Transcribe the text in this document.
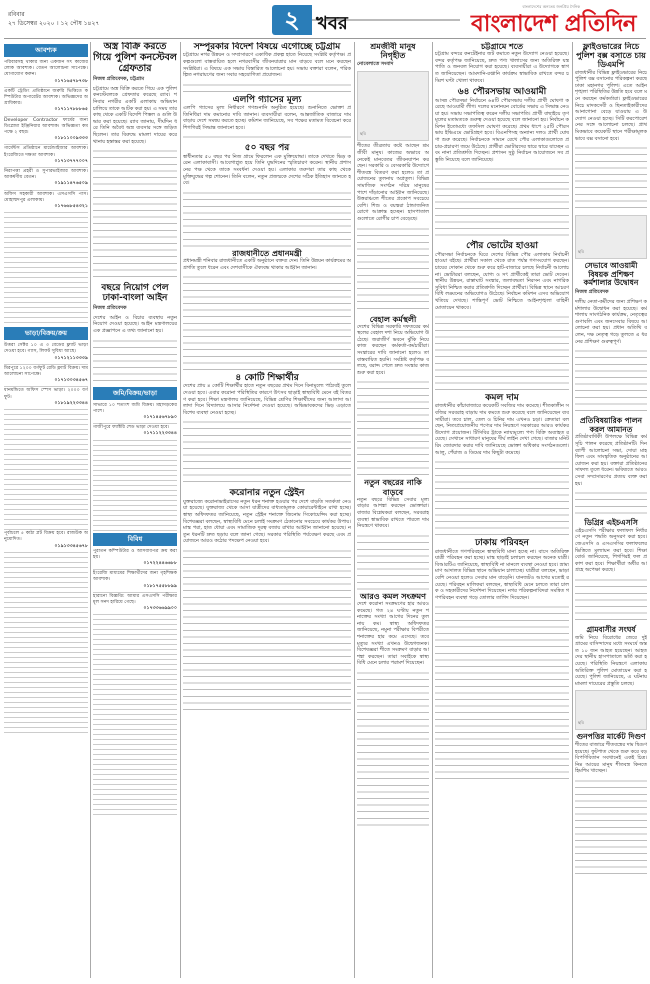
রবিবার
২৭ ডিসেম্বর ২০২০ । ১২ পৌষ ১৪২৭	২ খবর
বাংলাদেশের অন্যতম জনপ্রিয় দৈনিক
বাংলাদেশ প্রতিদিন
আবশ্যক
পরিবারসহ থাকার জন্য একজন সৎ কাজের লোক আবশ্যক। বেতন আলোচনা সাপেক্ষে। যোগাযোগ করুন।
০১৭১৬৫৭৮৭৩৮
একটি ট্রেডিং প্রতিষ্ঠানে জরুরি ভিত্তিতে কম্পিউটার অপারেটর আবশ্যক। অভিজ্ঞদের অগ্রাধিকার।
০১৭১১৭৮৮৮৬৫
Developer Contractor ফার্মের জন্য ডিপ্লোমা ইঞ্জিনিয়ার আবশ্যক। অভিজ্ঞতা কমপক্ষে ২ বছর।
০১৮১১০০৯৩৩৩
গার্মেন্টস প্রতিষ্ঠানে মার্চেন্ডাইজার আবশ্যক। ইংরেজিতে দক্ষতা আবশ্যক।
০১৭১৩৭৭৭০০৭
নিরাপত্তা প্রহরী ও সুপারভাইজার আবশ্যক। আকর্ষণীয় বেতন।
০১৯১১৪৭৬৫০৯
অফিস সহকারী আবশ্যক। এসএসসি পাস। মোহাম্মদপুর এলাকায়।
০১৭৬৬৮৫৪৩২১
ভাড়া/বিক্রয়/ক্রয়
উত্তরা সেক্টর ১০ এ ৩ বেডের ফ্ল্যাট ভাড়া দেওয়া হবে। গ্যাস, লিফট সুবিধা আছে।
০১৭১২১১৩৩৩৯
মিরপুরে ১২০০ বর্গফুট রেডি ফ্ল্যাট বিক্রয়। দাম আলোচনা সাপেক্ষে।
০১৭১৩০৩৪৫৬৭
ধানমন্ডিতে অফিস স্পেস ভাড়া। ২০০০ বর্গফুট।
০১৮১৯২২৩৩৪৪
পূর্বাচলে ৫ কাঠা প্লট বিক্রয় হবে। রাজউক অনুমোদিত।
০১৯১৩৩৪৫৬৭৮
অস্ত্র বিক্রি করতে গিয়ে পুলিশ কনস্টেবল গ্রেফতার
নিজস্ব প্রতিবেদক, চট্টগ্রাম
চট্টগ্রামে অস্ত্র বিক্রি করতে গিয়ে এক পুলিশ কনস্টেবলকে গ্রেফতার করেছে র‍্যাব। শনিবার নগরীর একটি এলাকায় অভিযান চালিয়ে তাকে আটক করা হয়। এ সময় তার কাছ থেকে একটি বিদেশি পিস্তল ও গুলি উদ্ধার করা হয়েছে। র‍্যাব জানায়, দীর্ঘদিন ধরে তিনি অবৈধ অস্ত্র ব্যবসার সঙ্গে জড়িত ছিলেন। তার বিরুদ্ধে মামলা দায়ের করে থানায় হস্তান্তর করা হয়েছে।
বছরে নিয়োগ পেল ঢাকা-বাংলা আইন
নিজস্ব প্রতিবেদক
দেশের আইন ও বিচার ব্যবস্থায় নতুন নিয়োগ দেওয়া হয়েছে। আইন মন্ত্রণালয়ের এক প্রজ্ঞাপনে এ তথ্য জানানো হয়।
জমি/বিক্রয়/ভাড়া
সাভারে ১০ শতাংশ জমি বিক্রয়। মহাসড়কের পাশে।
০১৭১৪৫৬৭৮৯০
গাজীপুরে ফ্যাক্টরি শেড ভাড়া দেওয়া হবে।
০১৭১১২২৩৩৪৪
বিবিধ
পুরাতন কম্পিউটার ও আসবাবপত্র ক্রয় করা হয়।
০১৭২২৪৪৬৬৮৮
ইংরেজি মাধ্যমের শিক্ষার্থীদের জন্য গৃহশিক্ষক আবশ্যক।
০১৮১৭৫৫৮৮৯৯
হারানো বিজ্ঞপ্তি: আমার এসএসসি পরীক্ষার মূল সনদ হারিয়ে গেছে।
০১৭৩৩৬৬৯৯০০
সম্পূরকার বিদেশ বিষয়ে এগোচ্ছে চট্টগ্রাম
চট্টগ্রামে নগর উন্নয়ন ও সম্প্রসারণে একাধিক প্রকল্প হাতে নিয়েছে সংশ্লিষ্ট কর্তৃপক্ষ। প্রকল্পগুলো বাস্তবায়িত হলে নগরবাসীর জীবনযাত্রার মান বাড়বে বলে মনে করছেন সংশ্লিষ্টরা। এ বিষয়ে এক সভায় বিস্তারিত আলোচনা হয়। সভায় বক্তারা বলেন, পরিকল্পিত নগরায়ণের জন্য সবার সহযোগিতা প্রয়োজন।
এলপি গ্যাসের মূল্য
এলপি গ্যাসের মূল্য নির্ধারণে গণশুনানি অনুষ্ঠিত হয়েছে। শুনানিতে ভোক্তা প্রতিনিধিরা দাম কমানোর দাবি জানান। ব্যবসায়ীরা বলেন, আন্তর্জাতিক বাজারে দাম বাড়ায় দেশে সমন্বয় করতে হচ্ছে। কমিশন জানিয়েছে, সব পক্ষের মতামত বিবেচনা করে শিগগিরই সিদ্ধান্ত জানানো হবে।
৫০ বছর পর
স্বাধীনতার ৫০ বছর পর নিজ গ্রামে ফিরলেন এক মুক্তিযোদ্ধা। তাকে দেখতে ভিড় করেন এলাকাবাসী। আবেগাপ্লুত হয়ে তিনি যুদ্ধদিনের স্মৃতিচারণ করেন। স্থানীয় প্রশাসনের পক্ষ থেকে তাকে সংবর্ধনা দেওয়া হয়। এলাকার তরুণরা তার কাছ থেকে মুক্তিযুদ্ধের গল্প শোনেন। তিনি বলেন, নতুন প্রজন্মকে দেশের সঠিক ইতিহাস জানতে হবে।
রাজধানীতে প্রধানমন্ত্রী
প্রধানমন্ত্রী শনিবার রাজধানীতে একটি অনুষ্ঠানে বক্তব্য দেন। তিনি উন্নয়ন কার্যক্রমের অগ্রগতি তুলে ধরেন এবং দেশবাসীকে ঐক্যবদ্ধ থাকার আহ্বান জানান।
৪ কোটি শিক্ষার্থীর
দেশের প্রায় ৪ কোটি শিক্ষার্থীর হাতে নতুন বছরের প্রথম দিনে বিনামূল্যে পাঠ্যবই তুলে দেওয়া হবে। এবার করোনা পরিস্থিতির কারণে উৎসব ছাড়াই স্বাস্থ্যবিধি মেনে বই বিতরণ করা হবে। শিক্ষা মন্ত্রণালয় জানিয়েছে, বিভিন্ন শ্রেণির শিক্ষার্থীদের জন্য আলাদা আলাদা দিনে বিদ্যালয়ে আসার নির্দেশনা দেওয়া হয়েছে। অভিভাবকদের ভিড় এড়াতে বিশেষ ব্যবস্থা নেওয়া হচ্ছে।
করোনার নতুন স্ট্রেইন
যুক্তরাজ্যে করোনাভাইরাসের নতুন ধরন শনাক্ত হওয়ার পর দেশে বাড়তি সতর্কতা নেওয়া হয়েছে। যুক্তরাজ্য থেকে আসা যাত্রীদের বাধ্যতামূলক কোয়ারেন্টাইনে রাখা হচ্ছে। স্বাস্থ্য অধিদফতর জানিয়েছে, নতুন স্ট্রেইন শনাক্তে জিনোম সিকোয়েন্সিং করা হচ্ছে। বিশেষজ্ঞরা বলছেন, স্বাস্থ্যবিধি মেনে চলাই সংক্রমণ ঠেকানোর সবচেয়ে কার্যকর উপায়। মাস্ক পরা, হাত ধোয়া এবং সামাজিক দূরত্ব বজায় রাখার আহ্বান জানানো হয়েছে। নতুন ধরনটি দ্রুত ছড়ায় বলে জানা গেছে। সরকার পরিস্থিতি পর্যবেক্ষণ করছে এবং প্রয়োজনে আরও কঠোর পদক্ষেপ নেওয়া হবে।
শ্রমজীবী মানুষ নিগৃহীত
নোবেলাতে সংবাদ
ছবি
শীতের তীব্রতায় কষ্টে আছেন শ্রমজীবী মানুষ। কাজের অভাবে অনেকেই মানবেতর জীবনযাপন করছেন। সরকারি ও বেসরকারি উদ্যোগে শীতবস্ত্র বিতরণ করা হলেও তা প্রয়োজনের তুলনায় অপ্রতুল। বিভিন্ন সামাজিক সংগঠন দরিদ্র মানুষের পাশে দাঁড়ানোর আহ্বান জানিয়েছে। উত্তরাঞ্চলে শীতের প্রকোপ সবচেয়ে বেশি। শিশু ও বয়স্করা ঠান্ডাজনিত রোগে আক্রান্ত হচ্ছেন। হাসপাতালগুলোতে রোগীর চাপ বেড়েছে।
বেহাল কর্মস্থলী
দেশের বিভিন্ন সরকারি দফতরের কর্মস্থলের বেহাল দশা নিয়ে অভিযোগ উঠেছে। জরাজীর্ণ ভবনে ঝুঁকি নিয়ে কাজ করছেন কর্মকর্তা-কর্মচারীরা। সংস্কারের দাবি জানানো হলেও তা বাস্তবায়িত হয়নি। সংশ্লিষ্ট কর্তৃপক্ষ বলছে, বরাদ্দ পেলে দ্রুত সংস্কার কাজ শুরু করা হবে।
নতুন বছরের নাকি বাড়বে
নতুন বছরে বিভিন্ন সেবার মূল্য বাড়ার আশঙ্কা করছেন ভোক্তারা। বাজার বিশ্লেষকরা বলছেন, সরবরাহ ব্যবস্থা স্বাভাবিক রাখতে পারলে দাম নিয়ন্ত্রণে থাকবে।
আরও কমল সংক্রমণ
দেশে করোনা সংক্রমণের হার আরও কমেছে। গত ২৪ ঘণ্টায় নতুন শনাক্তের সংখ্যা আগের দিনের তুলনায় কম। স্বাস্থ্য অধিদফতর জানিয়েছে, নমুনা পরীক্ষার বিপরীতে শনাক্তের হার কমে এসেছে। তবে মৃত্যুর সংখ্যা এখনও উদ্বেগজনক। বিশেষজ্ঞরা শীতে সংক্রমণ বাড়ার আশঙ্কা করছেন। তারা সবাইকে স্বাস্থ্যবিধি মেনে চলার পরামর্শ দিয়েছেন।
চট্টগ্রামে শতে
চট্টগ্রাম বন্দরে কনটেইনার জট কমাতে নতুন উদ্যোগ নেওয়া হয়েছে। বন্দর কর্তৃপক্ষ জানিয়েছে, দ্রুত পণ্য খালাসের জন্য অতিরিক্ত যন্ত্রপাতি ও জনবল নিয়োগ করা হয়েছে। ব্যবসায়ীরা এ উদ্যোগকে স্বাগত জানিয়েছেন। আমদানি-রপ্তানি কার্যক্রম স্বাভাবিক রাখতে বন্দর চব্বিশ ঘণ্টা খোলা থাকবে।
৬৪ পৌরসভায় আওয়ামী
আসন্ন পৌরসভা নির্বাচনে ৬৪টি পৌরসভায় দলীয় প্রার্থী ঘোষণা করেছে আওয়ামী লীগ। দলের মনোনয়ন বোর্ডের সভায় এ সিদ্ধান্ত নেওয়া হয়। সভায় সভাপতিত্ব করেন দলীয় সভাপতি। প্রার্থী বাছাইয়ে তৃণমূলের মতামতকে গুরুত্ব দেওয়া হয়েছে বলে জানানো হয়। নির্বাচন কমিশন ইতোমধ্যে তফসিল ঘোষণা করেছে। প্রথম ধাপে ২৫টি পৌরসভায় ইভিএমে ভোটগ্রহণ হবে। বিএনপিসহ অন্যান্য দলও প্রার্থী ঘোষণা শুরু করেছে। নির্বাচনকে সামনে রেখে পৌর এলাকাগুলোতে প্রচার-প্রচারণা জমে উঠেছে। প্রার্থীরা ভোটারদের দ্বারে দ্বারে যাচ্ছেন এবং নানা প্রতিশ্রুতি দিচ্ছেন। প্রশাসন সুষ্ঠু নির্বাচন আয়োজনে সব প্রস্তুতি নিয়েছে বলে জানিয়েছে।
পৌর ভোটের হাওয়া
পৌরসভা নির্বাচনকে ঘিরে দেশের বিভিন্ন পৌর এলাকায় নির্বাচনী হাওয়া বইছে। প্রার্থীরা সকাল থেকে রাত পর্যন্ত গণসংযোগ করছেন। চায়ের দোকান থেকে শুরু করে হাট-বাজারে চলছে নির্বাচনী আলোচনা। ভোটাররা বলছেন, যোগ্য ও সৎ প্রার্থীকেই তারা ভোট দেবেন। স্থানীয় উন্নয়ন, রাস্তাঘাট সংস্কার, জলাবদ্ধতা নিরসন এবং নাগরিক সুবিধা নিশ্চিত করার প্রতিশ্রুতি দিচ্ছেন প্রার্থীরা। বিভিন্ন স্থানে আচরণবিধি লঙ্ঘনের অভিযোগও উঠেছে। নির্বাচন কমিশন এসব অভিযোগ খতিয়ে দেখছে। শান্তিপূর্ণ ভোট নিশ্চিতে আইনশৃঙ্খলা বাহিনী মোতায়েন থাকবে।
কমল দাম
রাজধানীর কাঁচাবাজারে কয়েকটি সবজির দাম কমেছে। শীতকালীন সবজির সরবরাহ বাড়ায় দাম কমতে শুরু করেছে বলে জানিয়েছেন ব্যবসায়ীরা। তবে চাল, তেল ও চিনির দাম এখনও চড়া। ক্রেতারা বলছেন, নিত্যপ্রয়োজনীয় পণ্যের দাম নিয়ন্ত্রণে সরকারের আরও কার্যকর উদ্যোগ প্রয়োজন। টিসিবির ট্রাকে ন্যায্যমূল্যে পণ্য বিক্রি অব্যাহত রয়েছে। সেখানে সাধারণ মানুষের দীর্ঘ লাইন দেখা গেছে। বাজার মনিটরিং জোরদার করার দাবি জানিয়েছে ভোক্তা অধিকার সংগঠনগুলো। আলু, পেঁয়াজ ও ডিমের দাম কিছুটা কমেছে।
ঢাকায় পরিবহন
রাজধানীতে গণপরিবহনে স্বাস্থ্যবিধি মানা হচ্ছে না। বাসে অতিরিক্ত যাত্রী পরিবহন করা হচ্ছে। মাস্ক ছাড়াই চলাচল করছেন অনেক যাত্রী। বিআরটিএ জানিয়েছে, স্বাস্থ্যবিধি না মানলে ব্যবস্থা নেওয়া হবে। ভ্রাম্যমাণ আদালত বিভিন্ন স্থানে অভিযান চালাচ্ছে। যাত্রীরা বলছেন, ভাড়া বেশি নেওয়া হলেও সেবার মান বাড়েনি। যানজটও আগের মতোই রয়েছে। পরিবহন মালিকরা বলছেন, স্বাস্থ্যবিধি মেনে চলতে তারা চালক ও সহকারীদের নির্দেশনা দিয়েছেন। নগর পরিকল্পনাবিদরা সমন্বিত গণপরিবহন ব্যবস্থা গড়ে তোলার তাগিদ দিয়েছেন।
ফ্লাইওভারের নিচে পুলিশ বক্স বসাতে চায় ডিএমপি
রাজধানীর বিভিন্ন ফ্লাইওভারের নিচে পুলিশ বক্স বসানোর পরিকল্পনা করছে ঢাকা মহানগর পুলিশ। এতে আইনশৃঙ্খলা পরিস্থিতির উন্নতি হবে বলে মনে করছেন কর্মকর্তারা। ফ্লাইওভারের নিচে মাদকসেবী ও ছিনতাইকারীদের আনাগোনা বেড়ে যাওয়ায় এ উদ্যোগ নেওয়া হচ্ছে। সিটি করপোরেশনের সঙ্গে আলোচনা চলছে। প্রাথমিকভাবে কয়েকটি স্থানে পরীক্ষামূলকভাবে বক্স বসানো হবে।
ছবি
সেভাবে আওয়ামী বিষয়ক প্রশিক্ষণ কর্মশালার উদ্বোধন
নিজস্ব প্রতিবেদক
দলীয় নেতা-কর্মীদের জন্য প্রশিক্ষণ কর্মশালার উদ্বোধন করা হয়েছে। কর্মশালায় সাংগঠনিক কার্যক্রম, নেতৃত্বের গুণাবলি এবং জনসেবার বিষয়ে আলোচনা করা হয়। প্রধান অতিথি বলেন, দক্ষ নেতৃত্ব গড়ে তুলতে এ ধরনের প্রশিক্ষণ গুরুত্বপূর্ণ।
প্রতিবিষয়ারিক পালন করল আমানত
প্রতিষ্ঠাবার্ষিকী উপলক্ষে বিভিন্ন কর্মসূচি পালন করেছে প্রতিষ্ঠানটি। দিনব্যাপী আলোচনা সভা, দোয়া মাহফিল এবং সাংস্কৃতিক অনুষ্ঠানের আয়োজন করা হয়। বক্তারা প্রতিষ্ঠানের সাফল্য তুলে ধরেন। ভবিষ্যতে আরও সেবা সম্প্রসারণের প্রত্যয় ব্যক্ত করা হয়।
ডিগ্রির এইচএসসি
এইচএসসি পরীক্ষার ফলাফল নির্ধারণে নতুন পদ্ধতি অনুসরণ করা হবে। জেএসসি ও এসএসসির ফলাফলের ভিত্তিতে মূল্যায়ন করা হবে। শিক্ষা বোর্ড জানিয়েছে, শিগগিরই ফল প্রকাশ করা হবে। শিক্ষার্থীরা অধীর আগ্রহে অপেক্ষা করছে।
গ্রামবাসীর সংঘর্ষ
জমি নিয়ে বিরোধের জেরে দুই গ্রামের বাসিন্দাদের মধ্যে সংঘর্ষে অন্তত ১০ জন আহত হয়েছেন। আহতদের স্থানীয় হাসপাতালে ভর্তি করা হয়েছে। পরিস্থিতি নিয়ন্ত্রণে এলাকায় অতিরিক্ত পুলিশ মোতায়েন করা হয়েছে। পুলিশ জানিয়েছে, এ ঘটনায় মামলা দায়েরের প্রস্তুতি চলছে।
ছবি
গুনপত্তির মার্কেট দিগুণ
শীতের বাজারে শীতবস্ত্রের দাম দ্বিগুণ হয়েছে। ফুটপাত থেকে শুরু করে বড় বিপণিবিতান সবখানেই একই চিত্র। নিম্ন আয়ের মানুষ শীতবস্ত্র কিনতে হিমশিম খাচ্ছেন।
